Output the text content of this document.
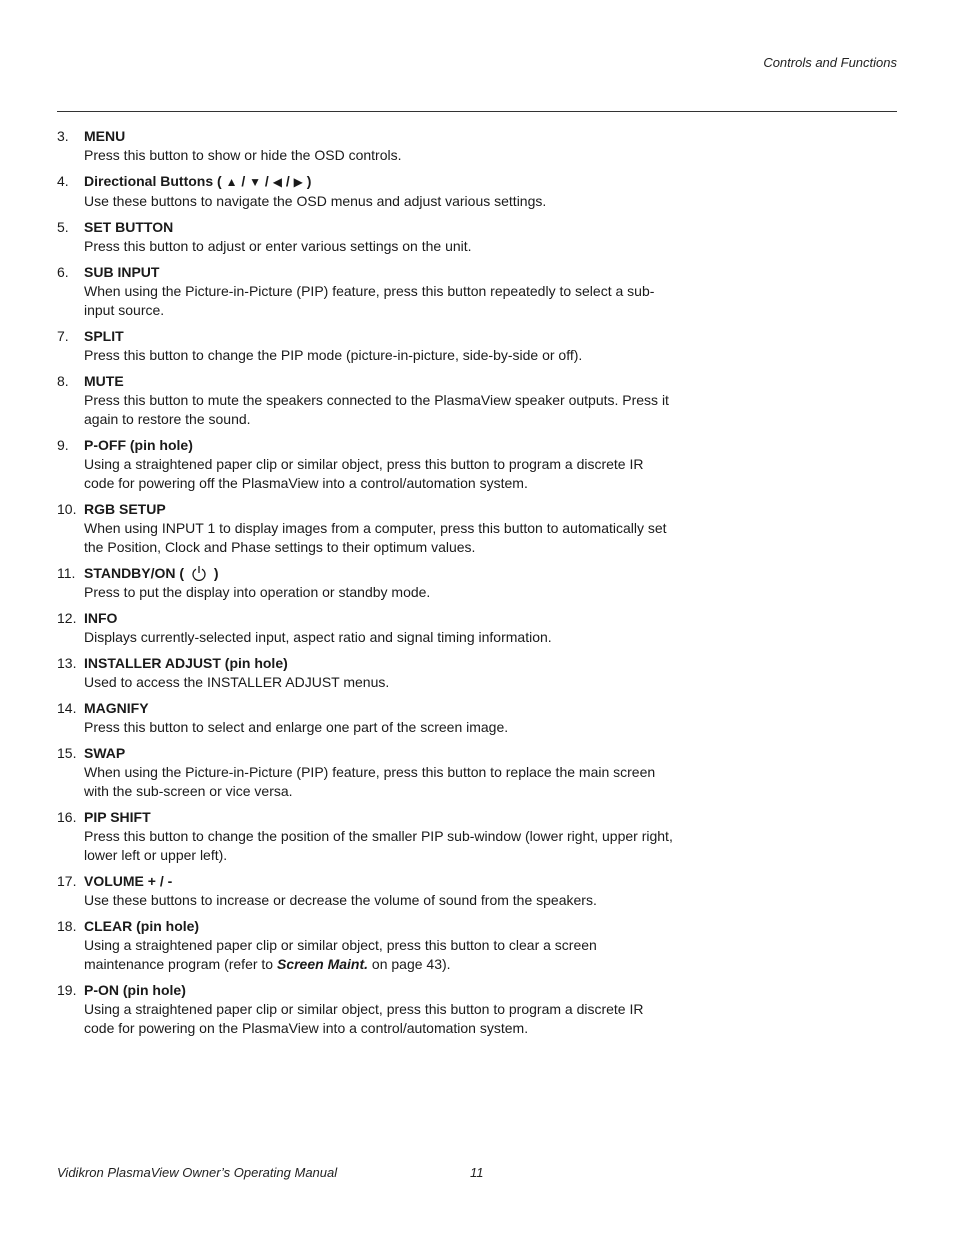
Controls and Functions
3. MENU
Press this button to show or hide the OSD controls.
4. Directional Buttons ( ▲ / ▼ / ◀ / ▶ )
Use these buttons to navigate the OSD menus and adjust various settings.
5. SET BUTTON
Press this button to adjust or enter various settings on the unit.
6. SUB INPUT
When using the Picture-in-Picture (PIP) feature, press this button repeatedly to select a sub-input source.
7. SPLIT
Press this button to change the PIP mode (picture-in-picture, side-by-side or off).
8. MUTE
Press this button to mute the speakers connected to the PlasmaView speaker outputs. Press it again to restore the sound.
9. P-OFF (pin hole)
Using a straightened paper clip or similar object, press this button to program a discrete IR code for powering off the PlasmaView into a control/automation system.
10. RGB SETUP
When using INPUT 1 to display images from a computer, press this button to automatically set the Position, Clock and Phase settings to their optimum values.
11. STANDBY/ON ( )
Press to put the display into operation or standby mode.
12. INFO
Displays currently-selected input, aspect ratio and signal timing information.
13. INSTALLER ADJUST (pin hole)
Used to access the INSTALLER ADJUST menus.
14. MAGNIFY
Press this button to select and enlarge one part of the screen image.
15. SWAP
When using the Picture-in-Picture (PIP) feature, press this button to replace the main screen with the sub-screen or vice versa.
16. PIP SHIFT
Press this button to change the position of the smaller PIP sub-window (lower right, upper right, lower left or upper left).
17. VOLUME + / -
Use these buttons to increase or decrease the volume of sound from the speakers.
18. CLEAR (pin hole)
Using a straightened paper clip or similar object, press this button to clear a screen maintenance program (refer to Screen Maint. on page 43).
19. P-ON (pin hole)
Using a straightened paper clip or similar object, press this button to program a discrete IR code for powering on the PlasmaView into a control/automation system.
Vidikron PlasmaView Owner’s Operating Manual	11
